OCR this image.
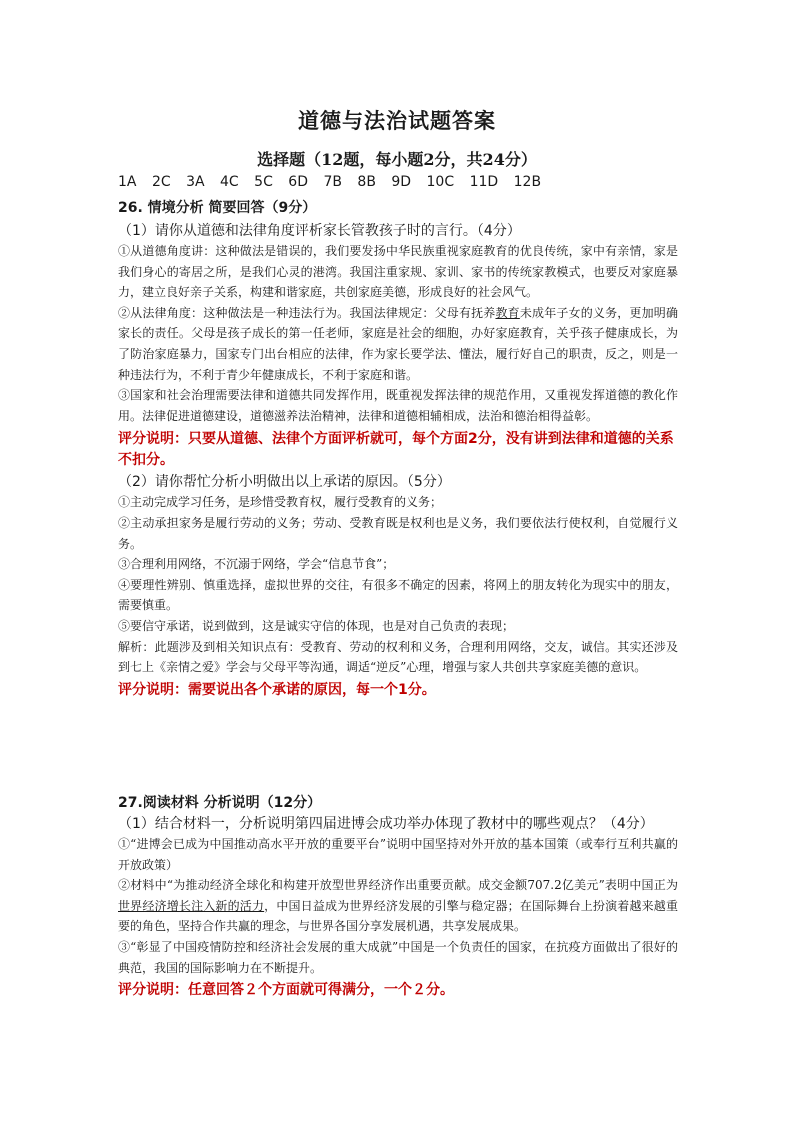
道德与法治试题答案
选择题（12题，每小题2分，共24分）
1A 2C 3A 4C 5C 6D 7B 8B 9D 10C 11D 12B
26. 情境分析 简要回答（9分）
（1）请你从道德和法律角度评析家长管教孩子时的言行。（4分）
①从道德角度讲：这种做法是错误的，我们要发扬中华民族重视家庭教育的优良传统，家中有亲情，家是我们身心的寄居之所，是我们心灵的港湾。我国注重家规、家训、家书的传统家教模式，也要反对家庭暴力，建立良好亲子关系，构建和谐家庭，共创家庭美德，形成良好的社会风气。
②从法律角度：这种做法是一种违法行为。我国法律规定：父母有抚养教育未成年子女的义务，更加明确家长的责任。父母是孩子成长的第一任老师，家庭是社会的细胞，办好家庭教育，关乎孩子健康成长，为了防治家庭暴力，国家专门出台相应的法律，作为家长要学法、懂法，履行好自己的职责，反之，则是一种违法行为，不利于青少年健康成长，不利于家庭和谐。
③国家和社会治理需要法律和道德共同发挥作用，既重视发挥法律的规范作用，又重视发挥道德的教化作用。法律促进道德建设，道德滋养法治精神，法律和道德相辅相成，法治和德治相得益彰。
评分说明：只要从道德、法律个方面评析就可，每个方面2分，没有讲到法律和道德的关系不扣分。
（2）请你帮忙分析小明做出以上承诺的原因。（5分）
①主动完成学习任务，是珍惜受教育权，履行受教育的义务；
②主动承担家务是履行劳动的义务；劳动、受教育既是权利也是义务，我们要依法行使权利，自觉履行义务。
③合理利用网络，不沉溺于网络，学会“信息节食”；
④要理性辨别、慎重选择，虚拟世界的交往，有很多不确定的因素，将网上的朋友转化为现实中的朋友，需要慎重。
⑤要信守承诺，说到做到，这是诚实守信的体现，也是对自己负责的表现；
解析：此题涉及到相关知识点有：受教育、劳动的权利和义务，合理利用网络，交友，诚信。其实还涉及到七上《亲情之爱》学会与父母平等沟通，调适“逆反”心理，增强与家人共创共享家庭美德的意识。
评分说明：需要说出各个承诺的原因，每一个1分。
27.阅读材料 分析说明（12分）
（1）结合材料一，分析说明第四届进博会成功举办体现了教材中的哪些观点？（4分）
①“进博会已成为中国推动高水平开放的重要平台”说明中国坚持对外开放的基本国策（或奉行互利共赢的开放政策）
②材料中“为推动经济全球化和构建开放型世界经济作出重要贡献。成交金额707.2亿美元”表明中国正为世界经济增长注入新的活力，中国日益成为世界经济发展的引擎与稳定器；在国际舞台上扮演着越来越重要的角色，坚持合作共赢的理念，与世界各国分享发展机遇，共享发展成果。
③“彰显了中国疫情防控和经济社会发展的重大成就”中国是一个负责任的国家，在抗疫方面做出了很好的典范，我国的国际影响力在不断提升。
评分说明：任意回答２个方面就可得满分，一个２分。
